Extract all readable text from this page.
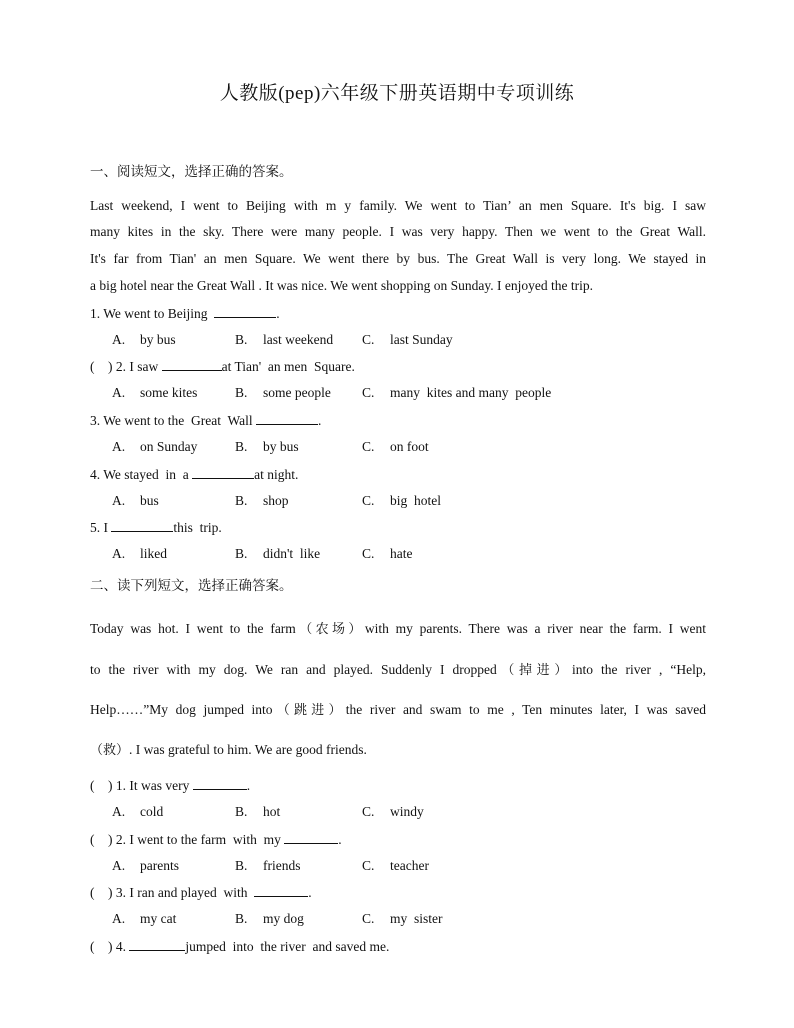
人教版(pep)六年级下册英语期中专项训练
一、阅读短文，选择正确的答案。
Last weekend, I went to Beijing with m y family. We went to Tian’ an men Square. It's big. I saw
many kites in the sky. There were many people. I was very happy. Then we went to the Great Wall.
It's far from Tian' an men Square. We went there by bus. The Great Wall is very long. We stayed in
a big hotel near the Great Wall . It was nice. We went shopping on Sunday. I enjoyed the trip.
1. We went to Beijing	.
A. by bus	B. last weekend C. last Sunday
(    ) 2. I saw	at Tian'  an men  Square.
A. some kites	B. some people C. many  kites and many  people
3. We went to the  Great  Wall	.
A. on Sunday	B. by bus	C. on foot
4. We stayed  in  a	at night.
A. bus	B. shop	C. big  hotel
5. I	this  trip.
A. liked	B. didn't  like	C. hate
二、读下列短文，选择正确答案。
Today was hot. I went to the farm（农场）with my parents. There was a river near the farm. I went
to the river with my dog. We ran and played. Suddenly I dropped（掉进）into the river , “Help,
Help……”My dog jumped into（跳进）the river and swam to me , Ten minutes later, I was saved
（救）. I was grateful to him. We are good friends.
(    ) 1. It was very	.
A. cold	B. hot	C. windy
(    ) 2. I went to the farm  with  my	.
A. parents	B. friends	C. teacher
(    ) 3. I ran and played  with	.
A. my cat	B. my dog	C. my  sister
(    ) 4.	jumped  into  the river  and saved me.
